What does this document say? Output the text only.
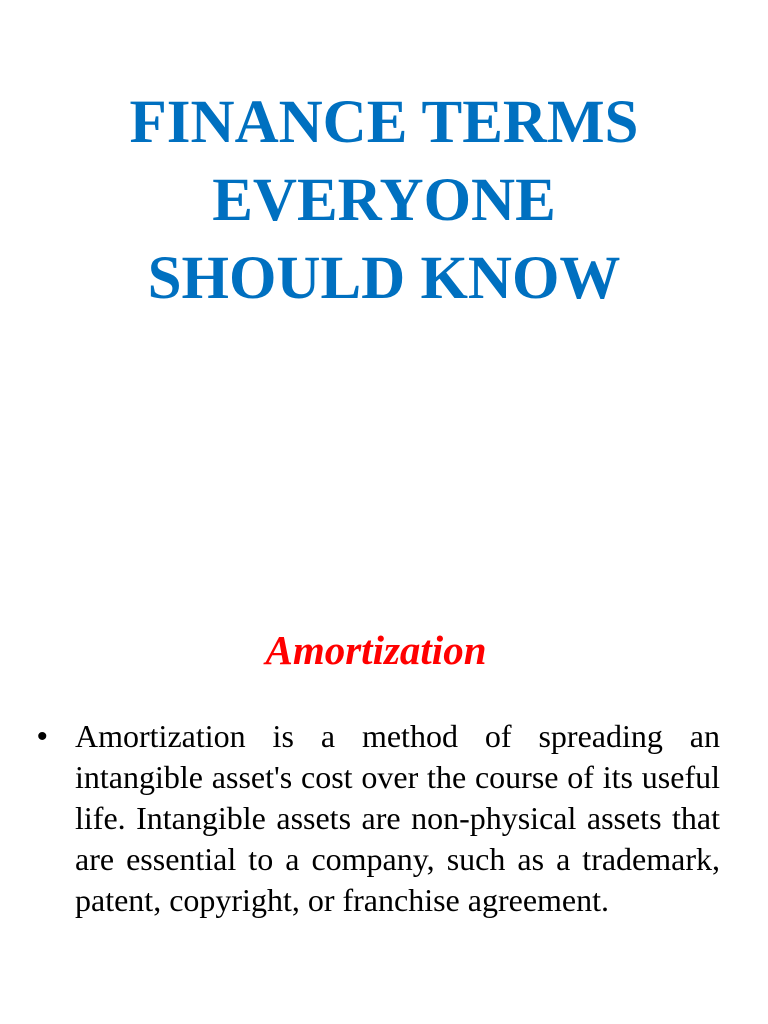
FINANCE TERMS
EVERYONE
SHOULD KNOW
Amortization
• Amortization is a method of spreading an intangible asset's cost over the course of its useful life. Intangible assets are non-physical assets that are essential to a company, such as a trademark, patent, copyright, or franchise agreement.
